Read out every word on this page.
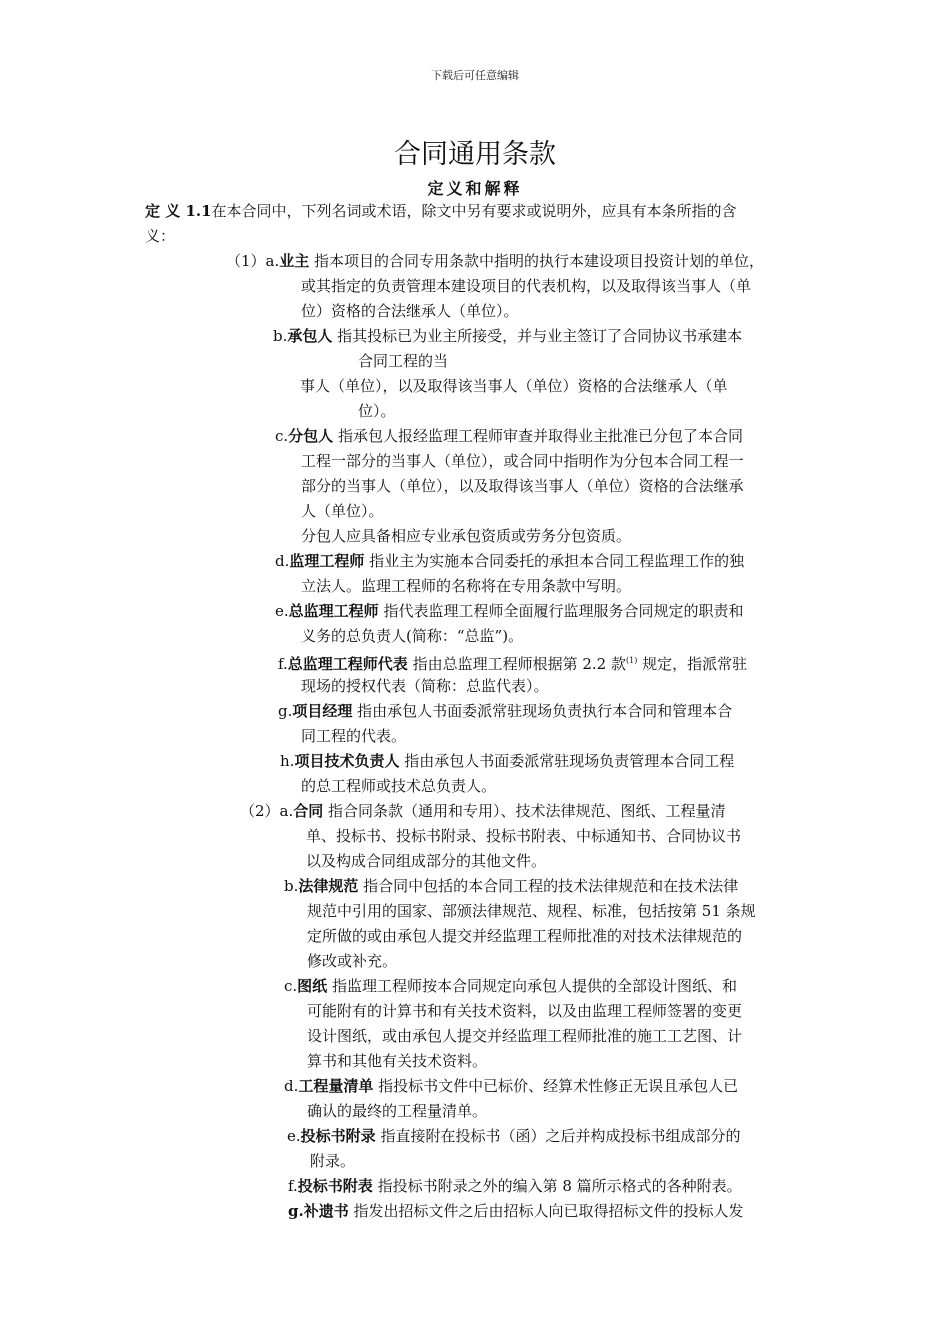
下载后可任意编辑
合同通用条款
定义和解释
定 义 1.1在本合同中，下列名词或术语，除文中另有要求或说明外，应具有本条所指的含
义：
（1）a.业主 指本项目的合同专用条款中指明的执行本建设项目投资计划的单位，
或其指定的负责管理本建设项目的代表机构，以及取得该当事人（单
位）资格的合法继承人（单位）。
b.承包人 指其投标已为业主所接受，并与业主签订了合同协议书承建本
合同工程的当
事人（单位），以及取得该当事人（单位）资格的合法继承人（单
位）。
c.分包人 指承包人报经监理工程师审查并取得业主批准已分包了本合同
工程一部分的当事人（单位），或合同中指明作为分包本合同工程一
部分的当事人（单位），以及取得该当事人（单位）资格的合法继承
人（单位）。
分包人应具备相应专业承包资质或劳务分包资质。
d.监理工程师 指业主为实施本合同委托的承担本合同工程监理工作的独
立法人。监理工程师的名称将在专用条款中写明。
e.总监理工程师 指代表监理工程师全面履行监理服务合同规定的职责和
义务的总负责人(简称：“总监”)。
f.总监理工程师代表 指由总监理工程师根据第 2.2 款$^{(1)}$ 规定，指派常驻
现场的授权代表（简称：总监代表）。
g.项目经理 指由承包人书面委派常驻现场负责执行本合同和管理本合
同工程的代表。
h.项目技术负责人 指由承包人书面委派常驻现场负责管理本合同工程
的总工程师或技术总负责人。
（2）a.合同 指合同条款（通用和专用）、技术法律规范、图纸、工程量清
单、投标书、投标书附录、投标书附表、中标通知书、合同协议书
以及构成合同组成部分的其他文件。
b.法律规范 指合同中包括的本合同工程的技术法律规范和在技术法律
规范中引用的国家、部颁法律规范、规程、标准，包括按第 51 条规
定所做的或由承包人提交并经监理工程师批准的对技术法律规范的
修改或补充。
c.图纸 指监理工程师按本合同规定向承包人提供的全部设计图纸、和
可能附有的计算书和有关技术资料，以及由监理工程师签署的变更
设计图纸，或由承包人提交并经监理工程师批准的施工工艺图、计
算书和其他有关技术资料。
d.工程量清单 指投标书文件中已标价、经算术性修正无误且承包人已
确认的最终的工程量清单。
e.投标书附录 指直接附在投标书（函）之后并构成投标书组成部分的
附录。
f.投标书附表 指投标书附录之外的编入第 8 篇所示格式的各种附表。
g.补遗书 指发出招标文件之后由招标人向已取得招标文件的投标人发
